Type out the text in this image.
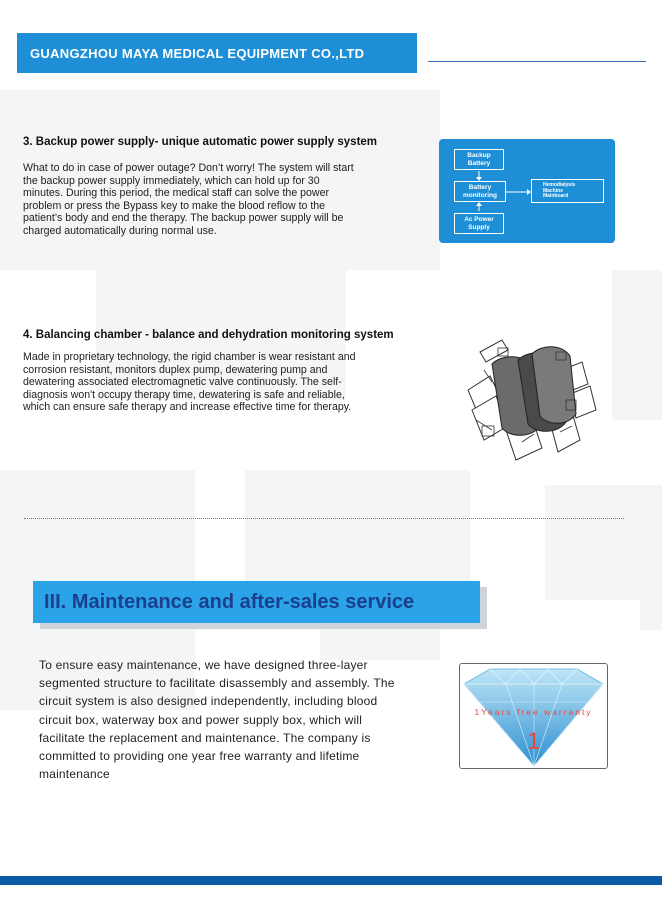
GUANGZHOU MAYA MEDICAL EQUIPMENT CO.,LTD
3. Backup power supply- unique automatic power supply system
What to do in case of power outage? Don’t worry! The system will start
the backup power supply immediately, which can hold up for 30
minutes. During this period, the medical staff can solve the power
problem or press the Bypass key to make the blood reflow to the
patient’s body and end the therapy. The backup power supply will be
charged automatically during normal use.
Backup
Battery
Battery
monitoring
Ac Power
Supply
Hemodialysis
Machine
Mainboard
4. Balancing chamber - balance and dehydration monitoring system
Made in proprietary technology, the rigid chamber is wear resistant and
corrosion resistant, monitors duplex pump, dewatering pump and
dewatering associated electromagnetic valve continuously. The self-
diagnosis won't occupy therapy time, dewatering is safe and reliable,
which can ensure safe therapy and increase effective time for therapy.
III. Maintenance and after-sales service
To ensure easy maintenance, we have designed three-layer
segmented structure to facilitate disassembly and assembly. The
circuit system is also designed independently, including blood
circuit box, waterway box and power supply box, which will
facilitate the replacement and maintenance. The company is
committed to providing one year free warranty and lifetime
maintenance
1Years free warranty
1
